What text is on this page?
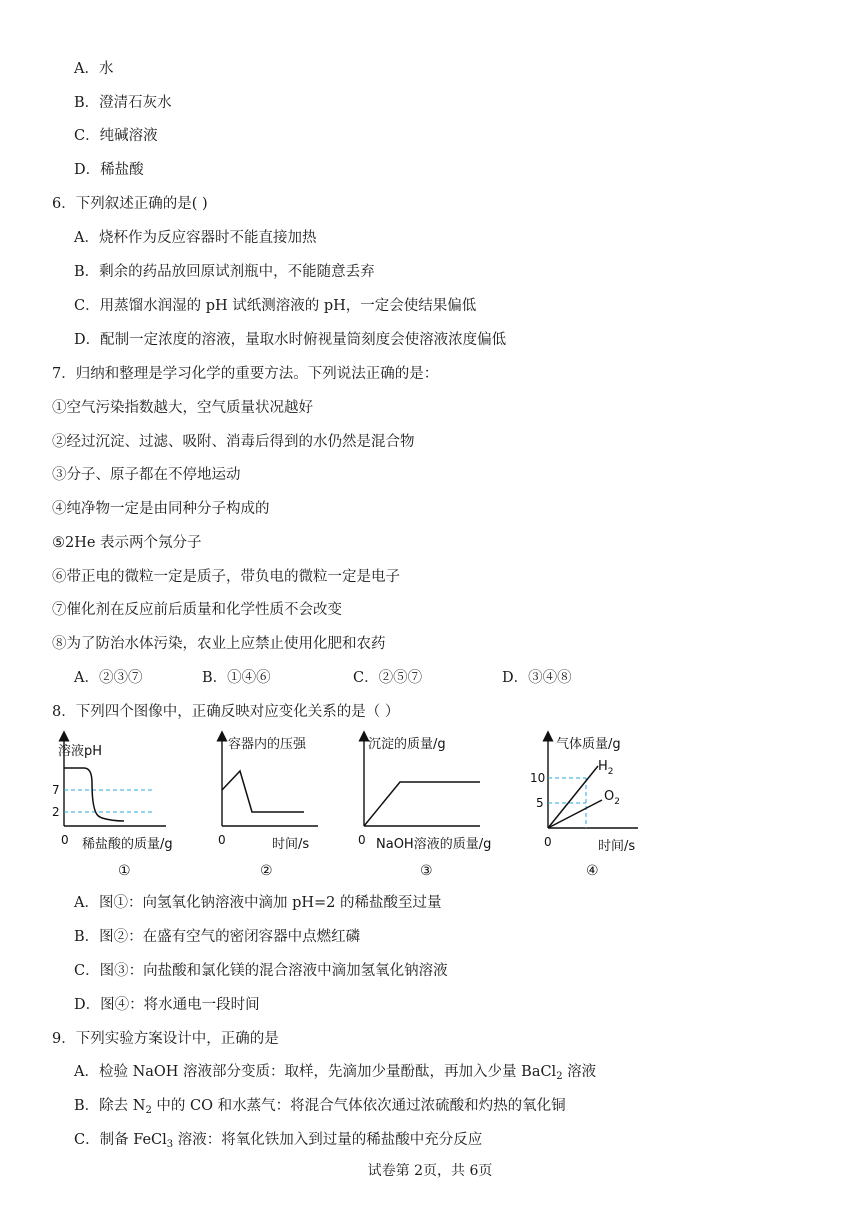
A．水
B．澄清石灰水
C．纯碱溶液
D．稀盐酸
6．下列叙述正确的是( )
A．烧杯作为反应容器时不能直接加热
B．剩余的药品放回原试剂瓶中，不能随意丢弃
C．用蒸馏水润湿的 pH 试纸测溶液的 pH，一定会使结果偏低
D．配制一定浓度的溶液，量取水时俯视量筒刻度会使溶液浓度偏低
7．归纳和整理是学习化学的重要方法。下列说法正确的是：
①空气污染指数越大，空气质量状况越好
②经过沉淀、过滤、吸附、消毒后得到的水仍然是混合物
③分子、原子都在不停地运动
④纯净物一定是由同种分子构成的
⑤2He 表示两个氖分子
⑥带正电的微粒一定是质子，带负电的微粒一定是电子
⑦催化剂在反应前后质量和化学性质不会改变
⑧为了防治水体污染，农业上应禁止使用化肥和农药
A．②③⑦	B．①④⑥	C．②⑤⑦	D．③④⑧
8．下列四个图像中，正确反映对应变化关系的是（ ）
溶液pH
7
2
0 稀盐酸的质量/g
①
容器内的压强
0	时间/s
②
沉淀的质量/g
0 NaOH溶液的质量/g
③
气体质量/g
10
5
$H_2$
$O_2$
0	时间/s
④
A．图①：向氢氧化钠溶液中滴加 pH=2 的稀盐酸至过量
B．图②：在盛有空气的密闭容器中点燃红磷
C．图③：向盐酸和氯化镁的混合溶液中滴加氢氧化钠溶液
D．图④：将水通电一段时间
9．下列实验方案设计中，正确的是
A．检验 NaOH 溶液部分变质：取样，先滴加少量酚酞，再加入少量 BaCl$_2$ 溶液
B．除去 $N_2$ 中的 CO 和水蒸气：将混合气体依次通过浓硫酸和灼热的氧化铜
C．制备 FeCl$_3$ 溶液：将氧化铁加入到过量的稀盐酸中充分反应
试卷第 2页，共 6页
